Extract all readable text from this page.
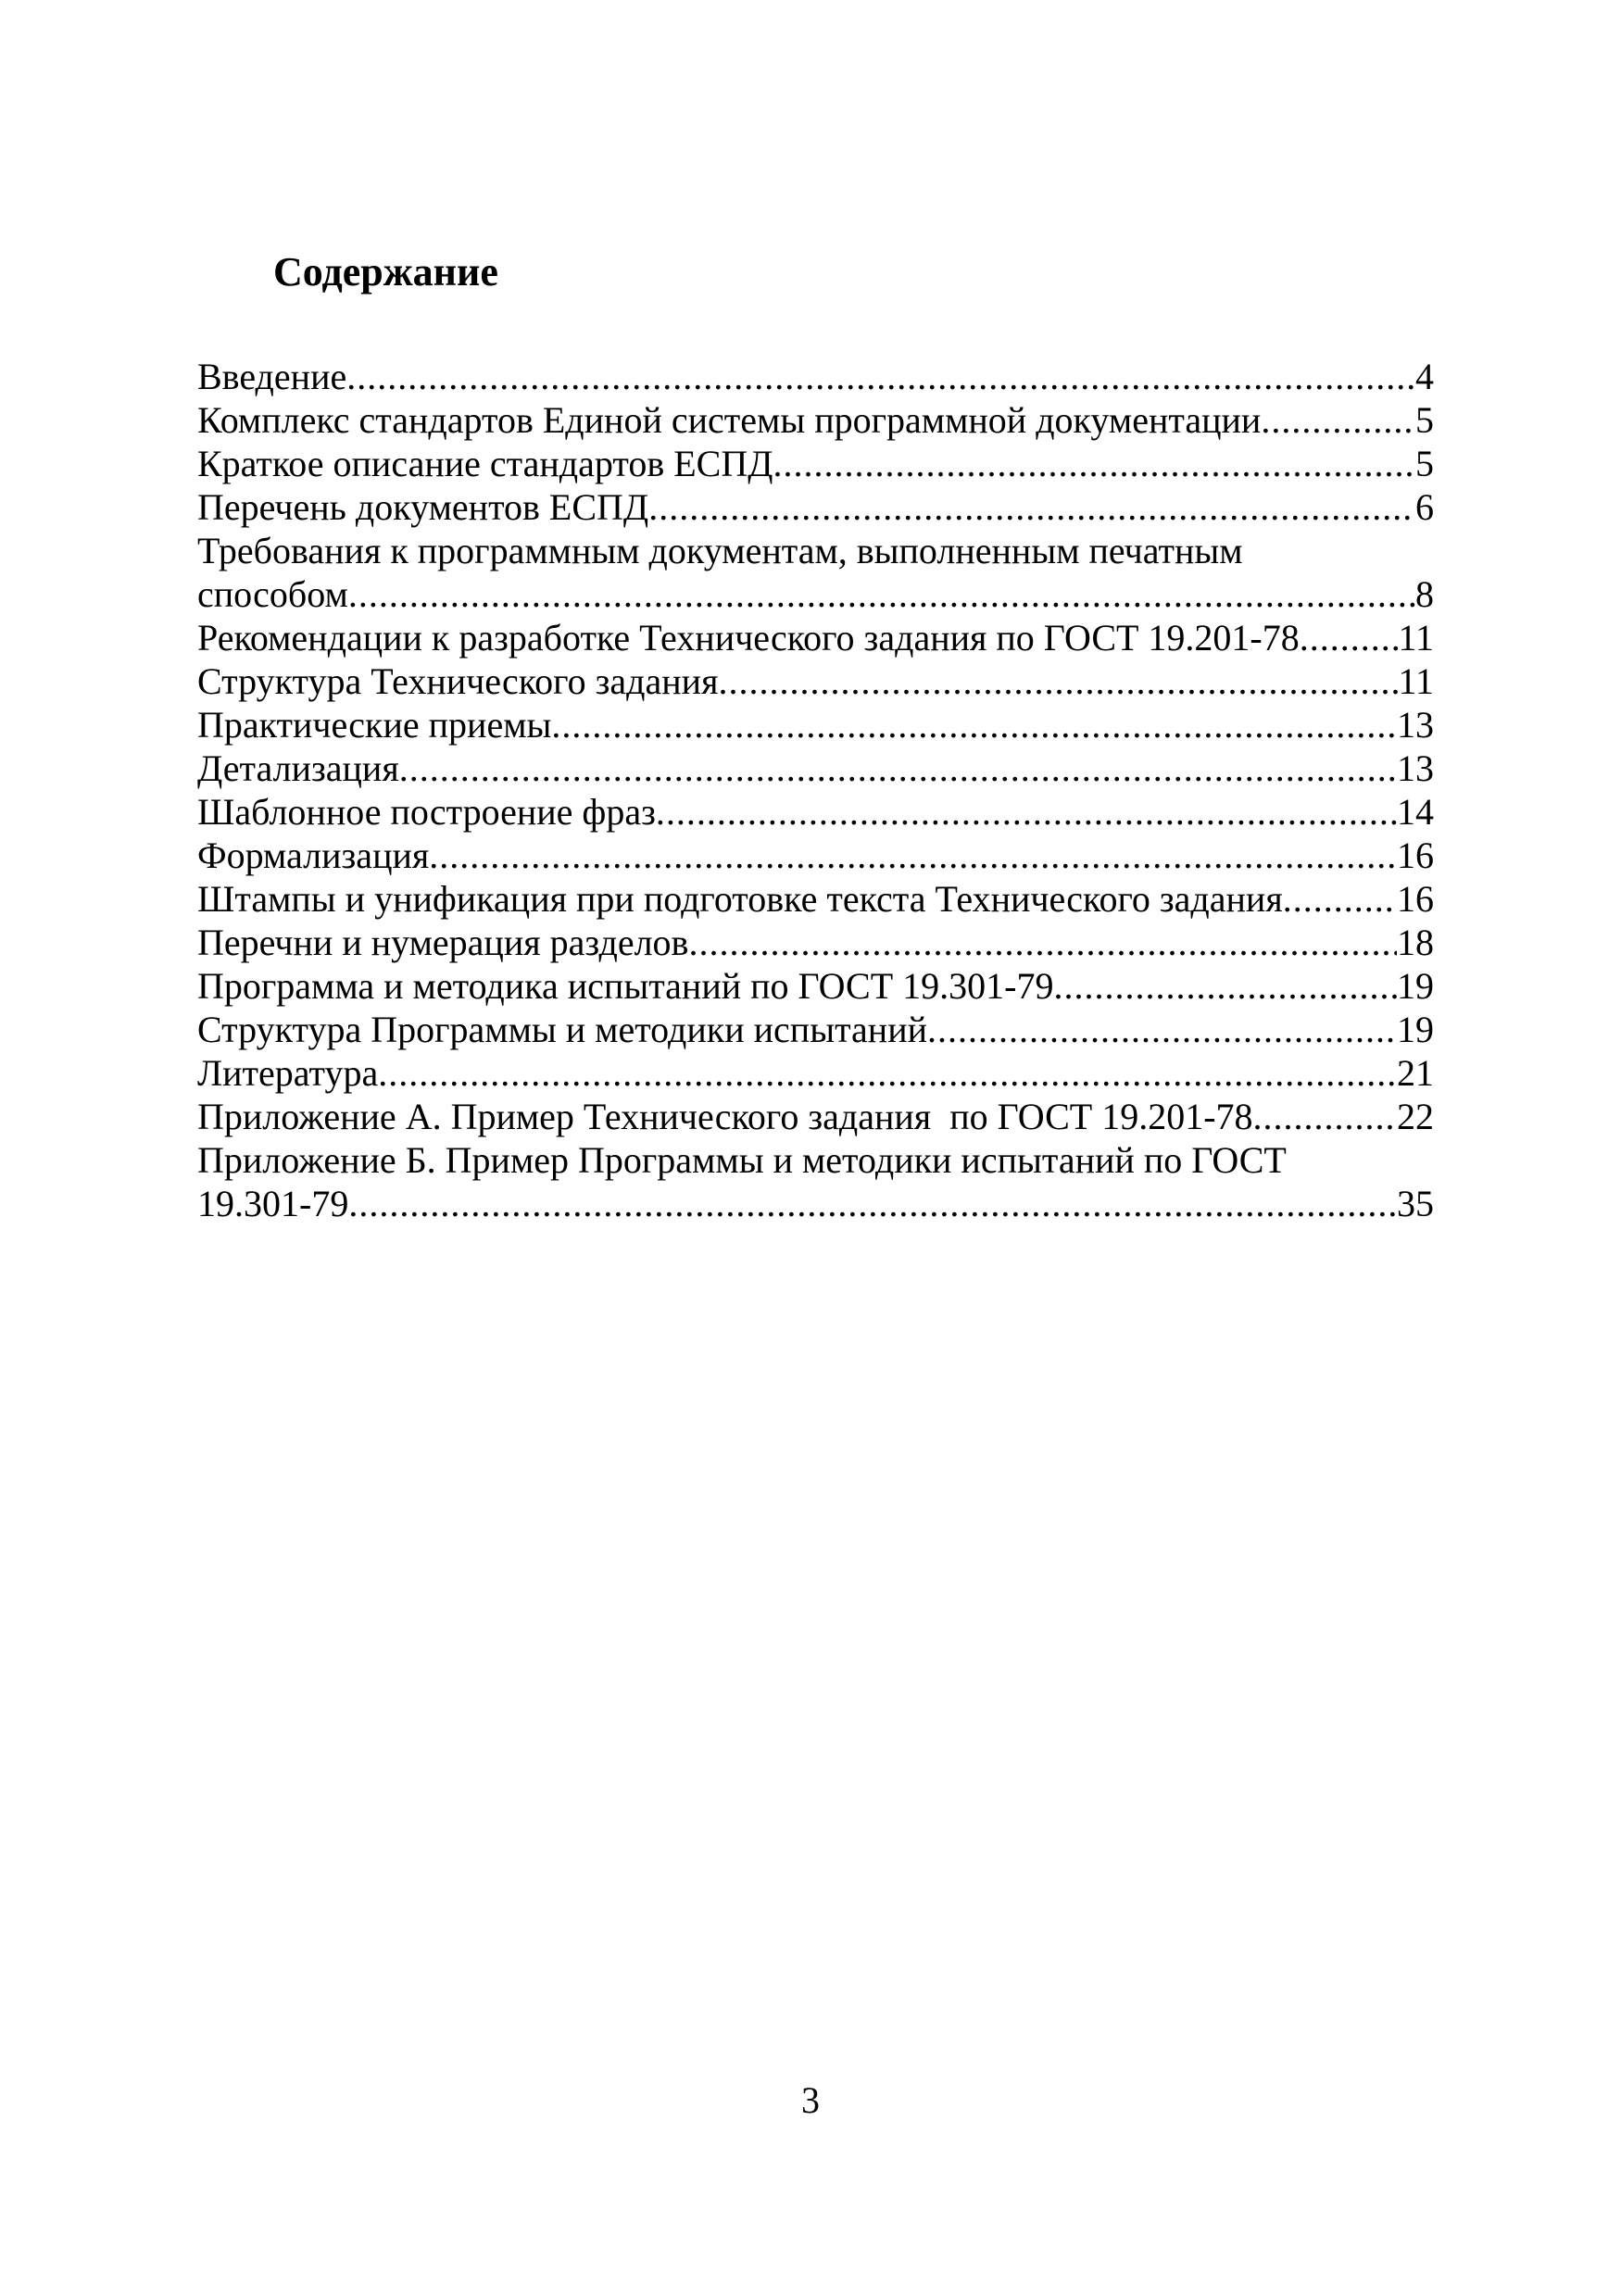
Содержание
Введение .....	4
Комплекс стандартов Единой системы программной документации .....	5
Краткое описание стандартов ЕСПД .....	5
Перечень документов ЕСПД .....	6
Требования к программным документам, выполненным печатным
способом .....	8
Рекомендации к разработке Технического задания по ГОСТ 19.201-78 .....	11
Структура Технического задания .....	11
Практические приемы .....	13
Детализация .....	13
Шаблонное построение фраз .....	14
Формализация .....	16
Штампы и унификация при подготовке текста Технического задания .....	16
Перечни и нумерация разделов .....	18
Программа и методика испытаний по ГОСТ 19.301-79 .....	19
Структура Программы и методики испытаний .....	19
Литература .....	21
Приложение А. Пример Технического задания  по ГОСТ 19.201-78 .....	22
Приложение Б. Пример Программы и методики испытаний по ГОСТ
19.301-79 .....	35
3
